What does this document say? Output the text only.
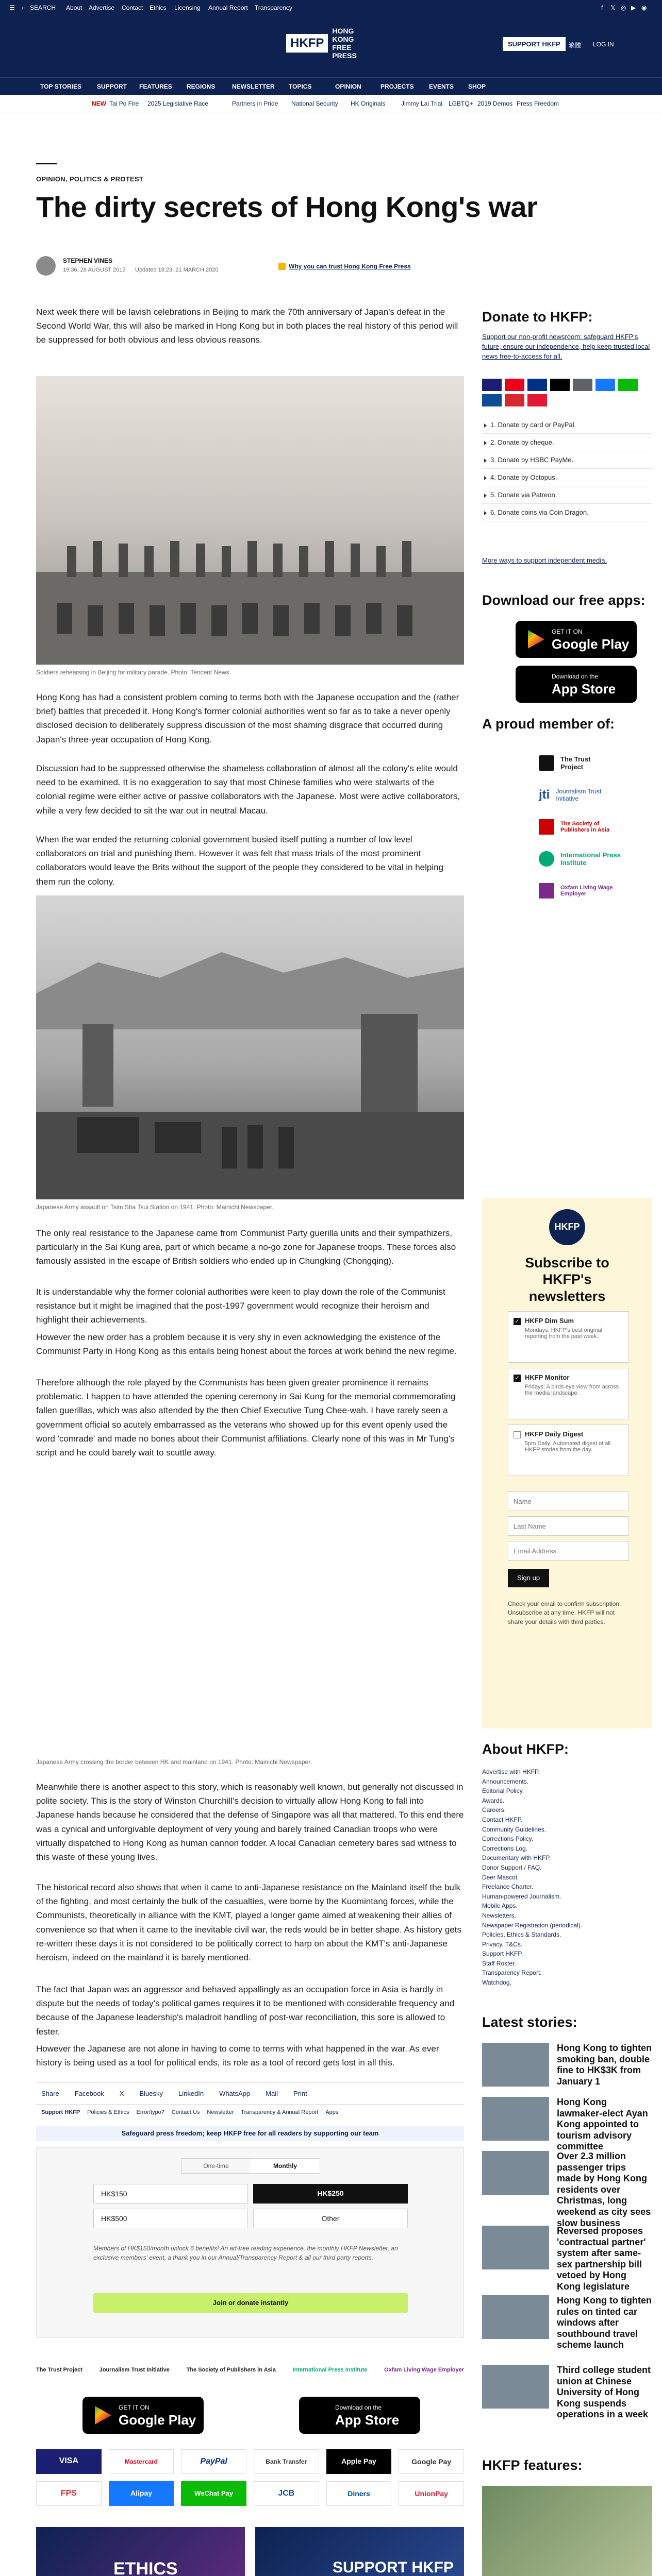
☰ ⌕ SEARCH About Advertise Contact Ethics Licensing Annual Report Transparency	f 𝕏 ◎ ▶ ◉
HKFP
HONG KONG
FREE PRESS
SUPPORT HKFP	繁體 LOG IN
TOP STORIES SUPPORT FEATURES REGIONS	NEWSLETTER TOPICS	OPINION	PROJECTS EVENTS SHOP
NEW Tai Po Fire 2025 Legislative Race	Partners in Pride National Security HK Originals	Jimmy Lai Trial LGBTQ+ 2019 Demos Press Freedom
OPINION, POLITICS & PROTEST
The dirty secrets of Hong Kong's war
STEPHEN VINES
19:36, 28 AUGUST 2015 Updated 18:23, 21 MARCH 2020	Why you can trust Hong Kong Free Press
Next week there will be lavish celebrations in Beijing to mark the 70th anniversary of Japan's defeat in the Second World War, this will also be marked in Hong Kong but in both places the real history of this period will be suppressed for both obvious and less obvious reasons.
Soldiers rehearsing in Beijing for military parade. Photo: Tencent News.
Hong Kong has had a consistent problem coming to terms both with the Japanese occupation and the (rather brief) battles that preceded it. Hong Kong's former colonial authorities went so far as to take a never openly disclosed decision to deliberately suppress discussion of the most shaming disgrace that occurred during Japan's three-year occupation of Hong Kong.
Discussion had to be suppressed otherwise the shameless collaboration of almost all the colony's elite would need to be examined. It is no exaggeration to say that most Chinese families who were stalwarts of the colonial regime were either active or passive collaborators with the Japanese. Most were active collaborators, while a very few decided to sit the war out in neutral Macau.
When the war ended the returning colonial government busied itself putting a number of low level collaborators on trial and punishing them. However it was felt that mass trials of the most prominent collaborators would leave the Brits without the support of the people they considered to be vital in helping them run the colony.
Japanese Army assault on Tsim Sha Tsui Station on 1941. Photo: Mainichi Newspaper.
The only real resistance to the Japanese came from Communist Party guerilla units and their sympathizers, particularly in the Sai Kung area, part of which became a no-go zone for Japanese troops. These forces also famously assisted in the escape of British soldiers who ended up in Chungking (Chongqing).
It is understandable why the former colonial authorities were keen to play down the role of the Communist resistance but it might be imagined that the post-1997 government would recognize their heroism and highlight their achievements.
However the new order has a problem because it is very shy in even acknowledging the existence of the Communist Party in Hong Kong as this entails being honest about the forces at work behind the new regime.
Therefore although the role played by the Communists has been given greater prominence it remains problematic. I happen to have attended the opening ceremony in Sai Kung for the memorial commemorating fallen guerillas, which was also attended by the then Chief Executive Tung Chee-wah. I have rarely seen a government official so acutely embarrassed as the veterans who showed up for this event openly used the word 'comrade' and made no bones about their Communist affiliations. Clearly none of this was in Mr Tung's script and he could barely wait to scuttle away.
Japanese Army crossing the border between HK and mainland on 1941. Photo: Mainichi Newspaper.
Meanwhile there is another aspect to this story, which is reasonably well known, but generally not discussed in polite society. This is the story of Winston Churchill's decision to virtually allow Hong Kong to fall into Japanese hands because he considered that the defense of Singapore was all that mattered. To this end there was a cynical and unforgivable deployment of very young and barely trained Canadian troops who were virtually dispatched to Hong Kong as human cannon fodder. A local Canadian cemetery bares sad witness to this waste of these young lives.
The historical record also shows that when it came to anti-Japanese resistance on the Mainland itself the bulk of the fighting, and most certainly the bulk of the casualties, were borne by the Kuomintang forces, while the Communists, theoretically in alliance with the KMT, played a longer game aimed at weakening their allies of convenience so that when it came to the inevitable civil war, the reds would be in better shape. As history gets re-written these days it is not considered to be politically correct to harp on about the KMT's anti-Japanese heroism, indeed on the mainland it is barely mentioned.
The fact that Japan was an aggressor and behaved appallingly as an occupation force in Asia is hardly in dispute but the needs of today's political games requires it to be mentioned with considerable frequency and because of the Japanese leadership's maladroit handling of post-war reconciliation, this sore is allowed to fester.
However the Japanese are not alone in having to come to terms with what happened in the war. As ever history is being used as a tool for political ends, its role as a tool of record gets lost in all this.
Share Facebook X Bluesky LinkedIn WhatsApp Mail Print
Support HKFP Policies & Ethics Error/typo? Contact Us Newsletter Transparency & Annual Report Apps
Safeguard press freedom; keep HKFP free for all readers by supporting our team
One-time	Monthly
HK$150	HK$250
HK$500	Other
Members of HK$150/month unlock 6 benefits! An ad-free reading experience, the monthly HKFP Newsletter, an exclusive members' event, a thank you in our Annual/Transparency Report & all our third party reports.
Join or donate instantly
The Trust Project	Journalism Trust Initiative	The Society of Publishers in Asia	International Press Institute	Oxfam Living Wage Employer
GET IT ON
Google Play
Download on the
App Store
VISA	Mastercard	PayPal	Bank Transfer	Apple Pay	Google Pay
FPS	Alipay	WeChat Pay	JCB	Diners	UnionPay
ETHICS	SUPPORT HKFP

Donate to HKFP:
Support our non-profit newsroom: safeguard HKFP's future, ensure our independence, help keep trusted local news free-to-access for all.
1. Donate by card or PayPal.
2. Donate by cheque.
3. Donate by HSBC PayMe.
4. Donate by Octopus.
5. Donate via Patreon.
6. Donate coins via Coin Dragon.
More ways to support independent media.
Download our free apps:
GET IT ON
Google Play
Download on the
App Store
A proud member of:
The Trust Project
jti Journalism Trust Initiative
The Society of Publishers in Asia
International Press Institute
Oxfam Living Wage Employer
HKFP
Subscribe to HKFP's newsletters
✓ HKFP Dim Sum
Mondays: HKFP's best original reporting from the past week.
✓ HKFP Monitor
Fridays: A birds-eye view from across the media landscape.
HKFP Daily Digest
5pm Daily: Automated digest of all HKFP stories from the day.
Name
Last Name
Email Address
Sign up
Check your email to confirm subscription. Unsubscribe at any time. HKFP will not share your details with third parties.
About HKFP:
Advertise with HKFP.
Announcements.
Editorial Policy.
Awards.
Careers.
Contact HKFP.
Community Guidelines.
Corrections Policy.
Corrections Log.
Documentary with HKFP.
Donor Support / FAQ.
Deer Mascot.
Freelance Charter.
Human-powered Journalism.
Mobile Apps.
Newsletters.
Newspaper Registration (periodical).
Policies, Ethics & Standards.
Privacy, T&Cs.
Support HKFP.
Staff Roster.
Transparency Report.
Watchdog.
Latest stories:
Hong Kong to tighten smoking ban, double fine to HK$3K from January 1
Hong Kong lawmaker-elect Ayan Kong appointed to tourism advisory committee
Over 2.3 million passenger trips made by Hong Kong residents over Christmas, long weekend as city sees slow business
Reversed proposes 'contractual partner' system after same-sex partnership bill vetoed by Hong Kong legislature
Hong Kong to tighten rules on tinted car windows after southbound travel scheme launch
Third college student union at Chinese University of Hong Kong suspends operations in a week
HKFP features:
